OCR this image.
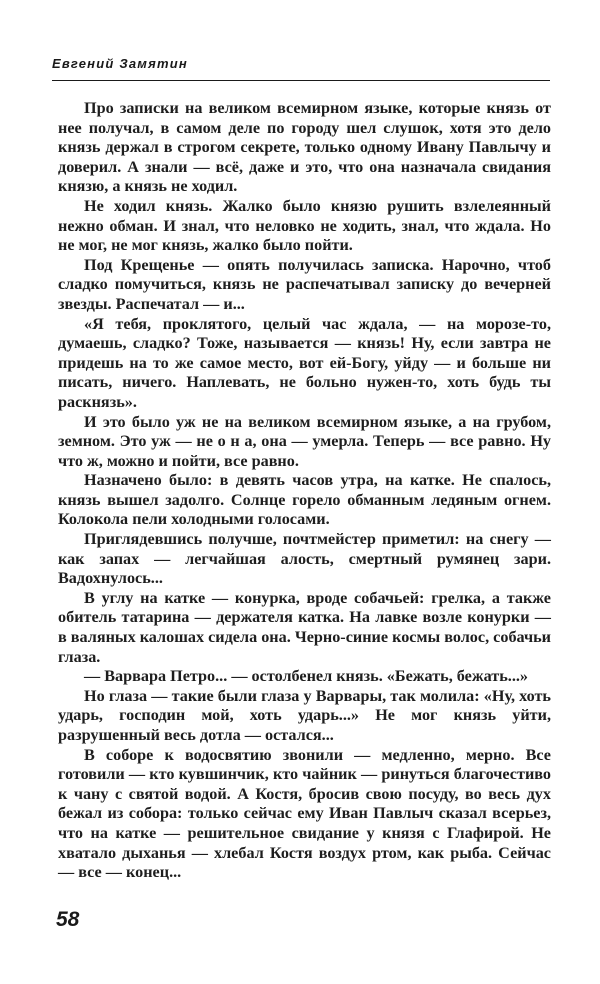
Евгений Замятин

Про записки на великом всемирном языке, которые князь от нее получал, в самом деле по городу шел слушок, хотя это дело князь держал в строгом секрете, только одному Ивану Павлычу и доверил. А знали — всё, даже и это, что она назначала свидания князю, а князь не ходил.

Не ходил князь. Жалко было князю рушить взлелеянный нежно обман. И знал, что неловко не ходить, знал, что ждала. Но не мог, не мог князь, жалко было пойти.

Под Крещенье — опять получилась записка. Нарочно, чтоб сладко помучиться, князь не распечатывал записку до вечерней звезды. Распечатал — и...

«Я тебя, проклятого, целый час ждала, — на морозе-то, думаешь, сладко? Тоже, называется — князь! Ну, если завтра не придешь на то же самое место, вот ей-Богу, уйду — и больше ни писать, ничего. Наплевать, не больно нужен-то, хоть будь ты раскнязь».

И это было уж не на великом всемирном языке, а на грубом, земном. Это уж — не о н а, она — умерла. Теперь — все равно. Ну что ж, можно и пойти, все равно.

Назначено было: в девять часов утра, на катке. Не спалось, князь вышел задолго. Солнце горело обманным ледяным огнем. Колокола пели холодными голосами.

Приглядевшись получше, почтмейстер приметил: на снегу — как запах — легчайшая алость, смертный румянец зари. Вадохнулось...

В углу на катке — конурка, вроде собачьей: грелка, а также обитель татарина — держателя катка. На лавке возле конурки — в валяных калошах сидела она. Черно-синие космы волос, собачьи глаза.

— Варвара Петро... — остолбенел князь. «Бежать, бежать...»

Но глаза — такие были глаза у Варвары, так молила: «Ну, хоть ударь, господин мой, хоть ударь...» Не мог князь уйти, разрушенный весь дотла — остался...

В соборе к водосвятию звонили — медленно, мерно. Все готовили — кто кувшинчик, кто чайник — ринуться благочестиво к чану с святой водой. А Костя, бросив свою посуду, во весь дух бежал из собора: только сейчас ему Иван Павлыч сказал всерьез, что на катке — решительное свидание у князя с Глафирой. Не хватало дыханья — хлебал Костя воздух ртом, как рыба. Сейчас — все — конец...

58
